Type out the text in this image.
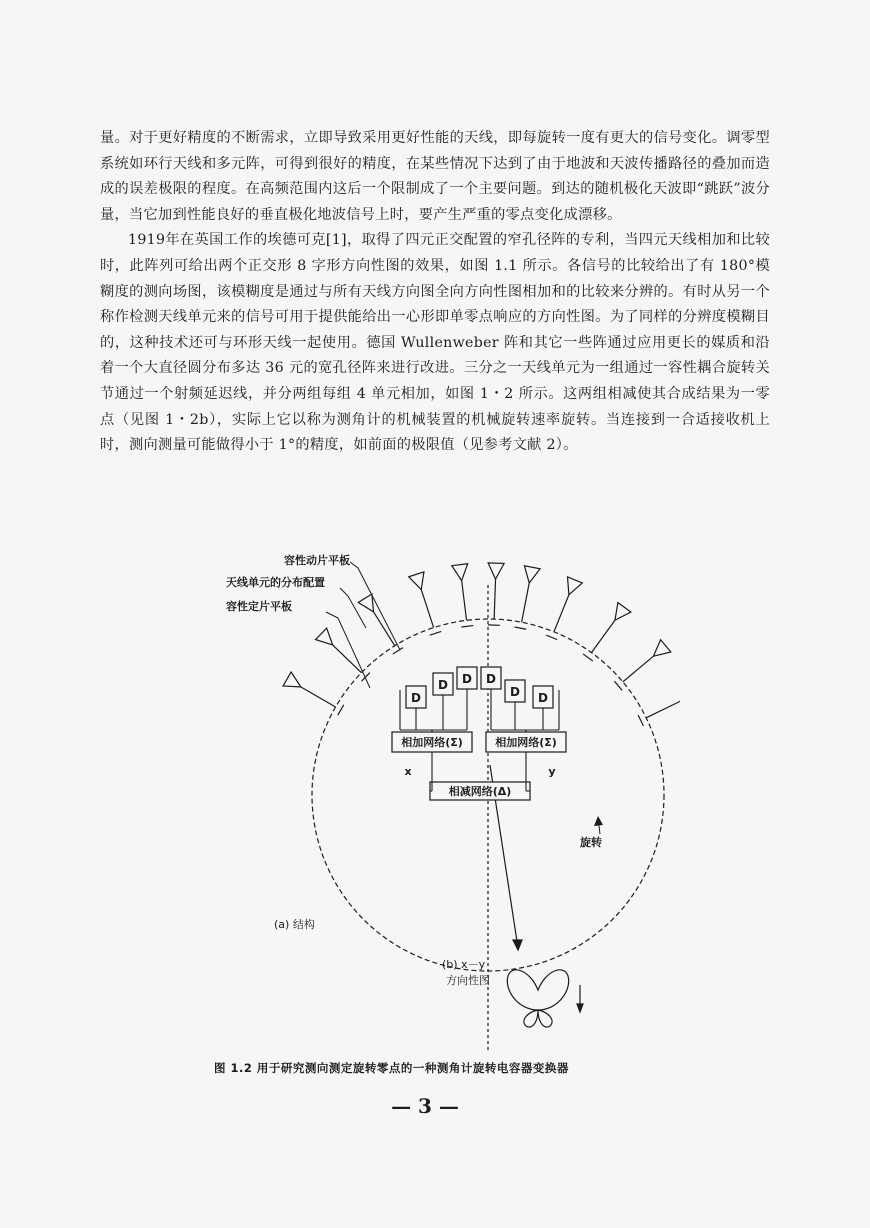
量。对于更好精度的不断需求，立即导致采用更好性能的天线，即每旋转一度有更大的信号变化。调零型系统如环行天线和多元阵，可得到很好的精度，在某些情况下达到了由于地波和天波传播路径的叠加而造成的误差极限的程度。在高频范围内这后一个限制成了一个主要问题。到达的随机极化天波即“跳跃”波分量，当它加到性能良好的垂直极化地波信号上时，要产生严重的零点变化成漂移。

1919年在英国工作的埃德可克[1]，取得了四元正交配置的窄孔径阵的专利，当四元天线相加和比较时，此阵列可给出两个正交形 8 字形方向性图的效果，如图 1.1 所示。各信号的比较给出了有 180°模糊度的测向场图，该模糊度是通过与所有天线方向图全向方向性图相加和的比较来分辨的。有时从另一个称作检测天线单元来的信号可用于提供能给出一心形即单零点响应的方向性图。为了同样的分辨度模糊目的，这种技术还可与环形天线一起使用。德国 Wullenweber 阵和其它一些阵通过应用更长的媒质和沿着一个大直径圆分布多达 36 元的宽孔径阵来进行改进。三分之一天线单元为一组通过一容性耦合旋转关节通过一个射频延迟线，并分两组每组 4 单元相加，如图 1・2 所示。这两组相减使其合成结果为一零点（见图 1・2b），实际上它以称为测角计的机械装置的机械旋转速率旋转。当连接到一合适接收机上时，测向测量可能做得小于 1°的精度，如前面的极限值（见参考文献 2）。

D
D D D
D D
相加网络(Σ)	相加网络(Σ)
相减网络(Δ)
x	y
容性动片平板
天线单元的分布配置
容性定片平板
旋转
(a) 结构
(b) x－y
方向性图
图 1.2 用于研究测向测定旋转零点的一种测角计旋转电容器变换器
— 3 —
